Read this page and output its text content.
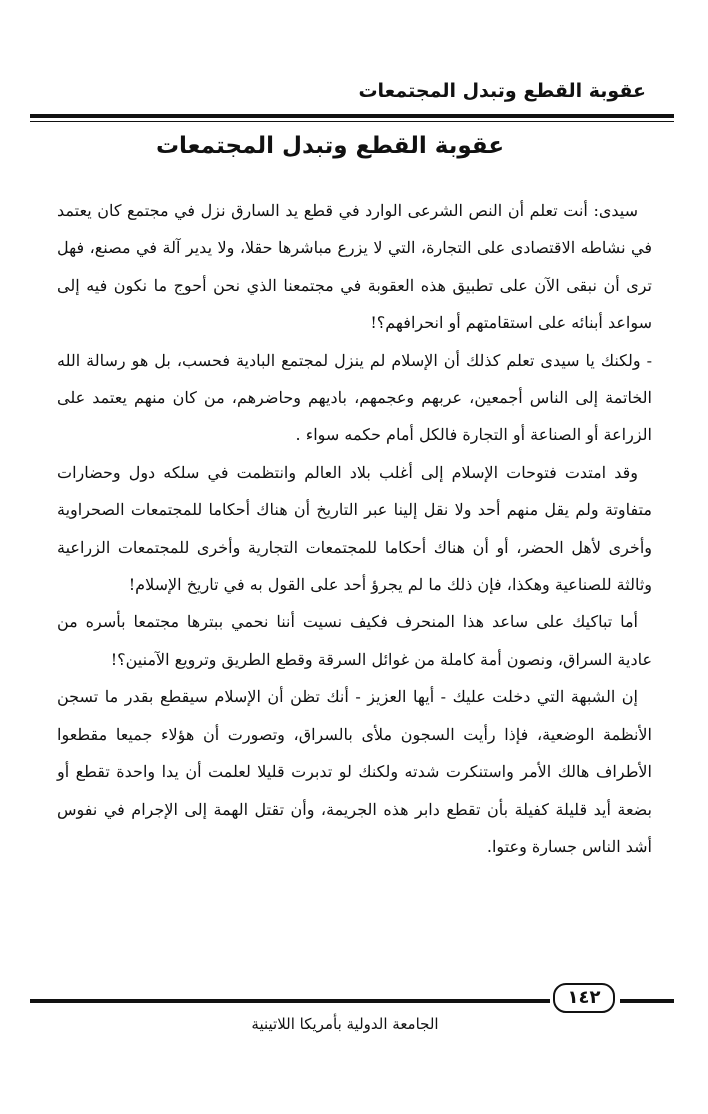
عقوبة القطع وتبدل المجتمعات
عقوبة القطع وتبدل المجتمعات

سيدى: أنت تعلم أن النص الشرعى الوارد في قطع يد السارق نزل في مجتمع كان يعتمد في نشاطه الاقتصادى على التجارة، التي لا يزرع مباشرها حقلا، ولا يدير آلة في مصنع، فهل ترى أن نبقى الآن على تطبيق هذه العقوبة في مجتمعنا الذي نحن أحوج ما نكون فيه إلى سواعد أبنائه على استقامتهم أو انحرافهم؟!

- ولكنك يا سيدى تعلم كذلك أن الإسلام لم ينزل لمجتمع البادية فحسب، بل هو رسالة الله الخاتمة إلى الناس أجمعين، عربهم وعجمهم، باديهم وحاضرهم، من كان منهم يعتمد على الزراعة أو الصناعة أو التجارة فالكل أمام حكمه سواء .

وقد امتدت فتوحات الإسلام إلى أغلب بلاد العالم وانتظمت في سلكه دول وحضارات متفاوتة ولم يقل منهم أحد ولا نقل إلينا عبر التاريخ أن هناك أحكاما للمجتمعات الصحراوية وأخرى لأهل الحضر، أو أن هناك أحكاما للمجتمعات التجارية وأخرى للمجتمعات الزراعية وثالثة للصناعية وهكذا، فإن ذلك ما لم يجرؤ أحد على القول به في تاريخ الإسلام!

أما تباكيك على ساعد هذا المنحرف فكيف نسيت أننا نحمي ببترها مجتمعا بأسره من عادية السراق، ونصون أمة كاملة من غوائل السرقة وقطع الطريق وترويع الآمنين؟!

إن الشبهة التي دخلت عليك - أيها العزيز - أنك تظن أن الإسلام سيقطع بقدر ما تسجن الأنظمة الوضعية، فإذا رأيت السجون ملأى بالسراق، وتصورت أن هؤلاء جميعا مقطعوا الأطراف هالك الأمر واستنكرت شدته ولكنك لو تدبرت قليلا لعلمت أن يدا واحدة تقطع أو بضعة أيد قليلة كفيلة بأن تقطع دابر هذه الجريمة، وأن تقتل الهمة إلى الإجرام في نفوس أشد الناس جسارة وعتوا.

١٤٢
الجامعة الدولية بأمريكا اللاتينية
